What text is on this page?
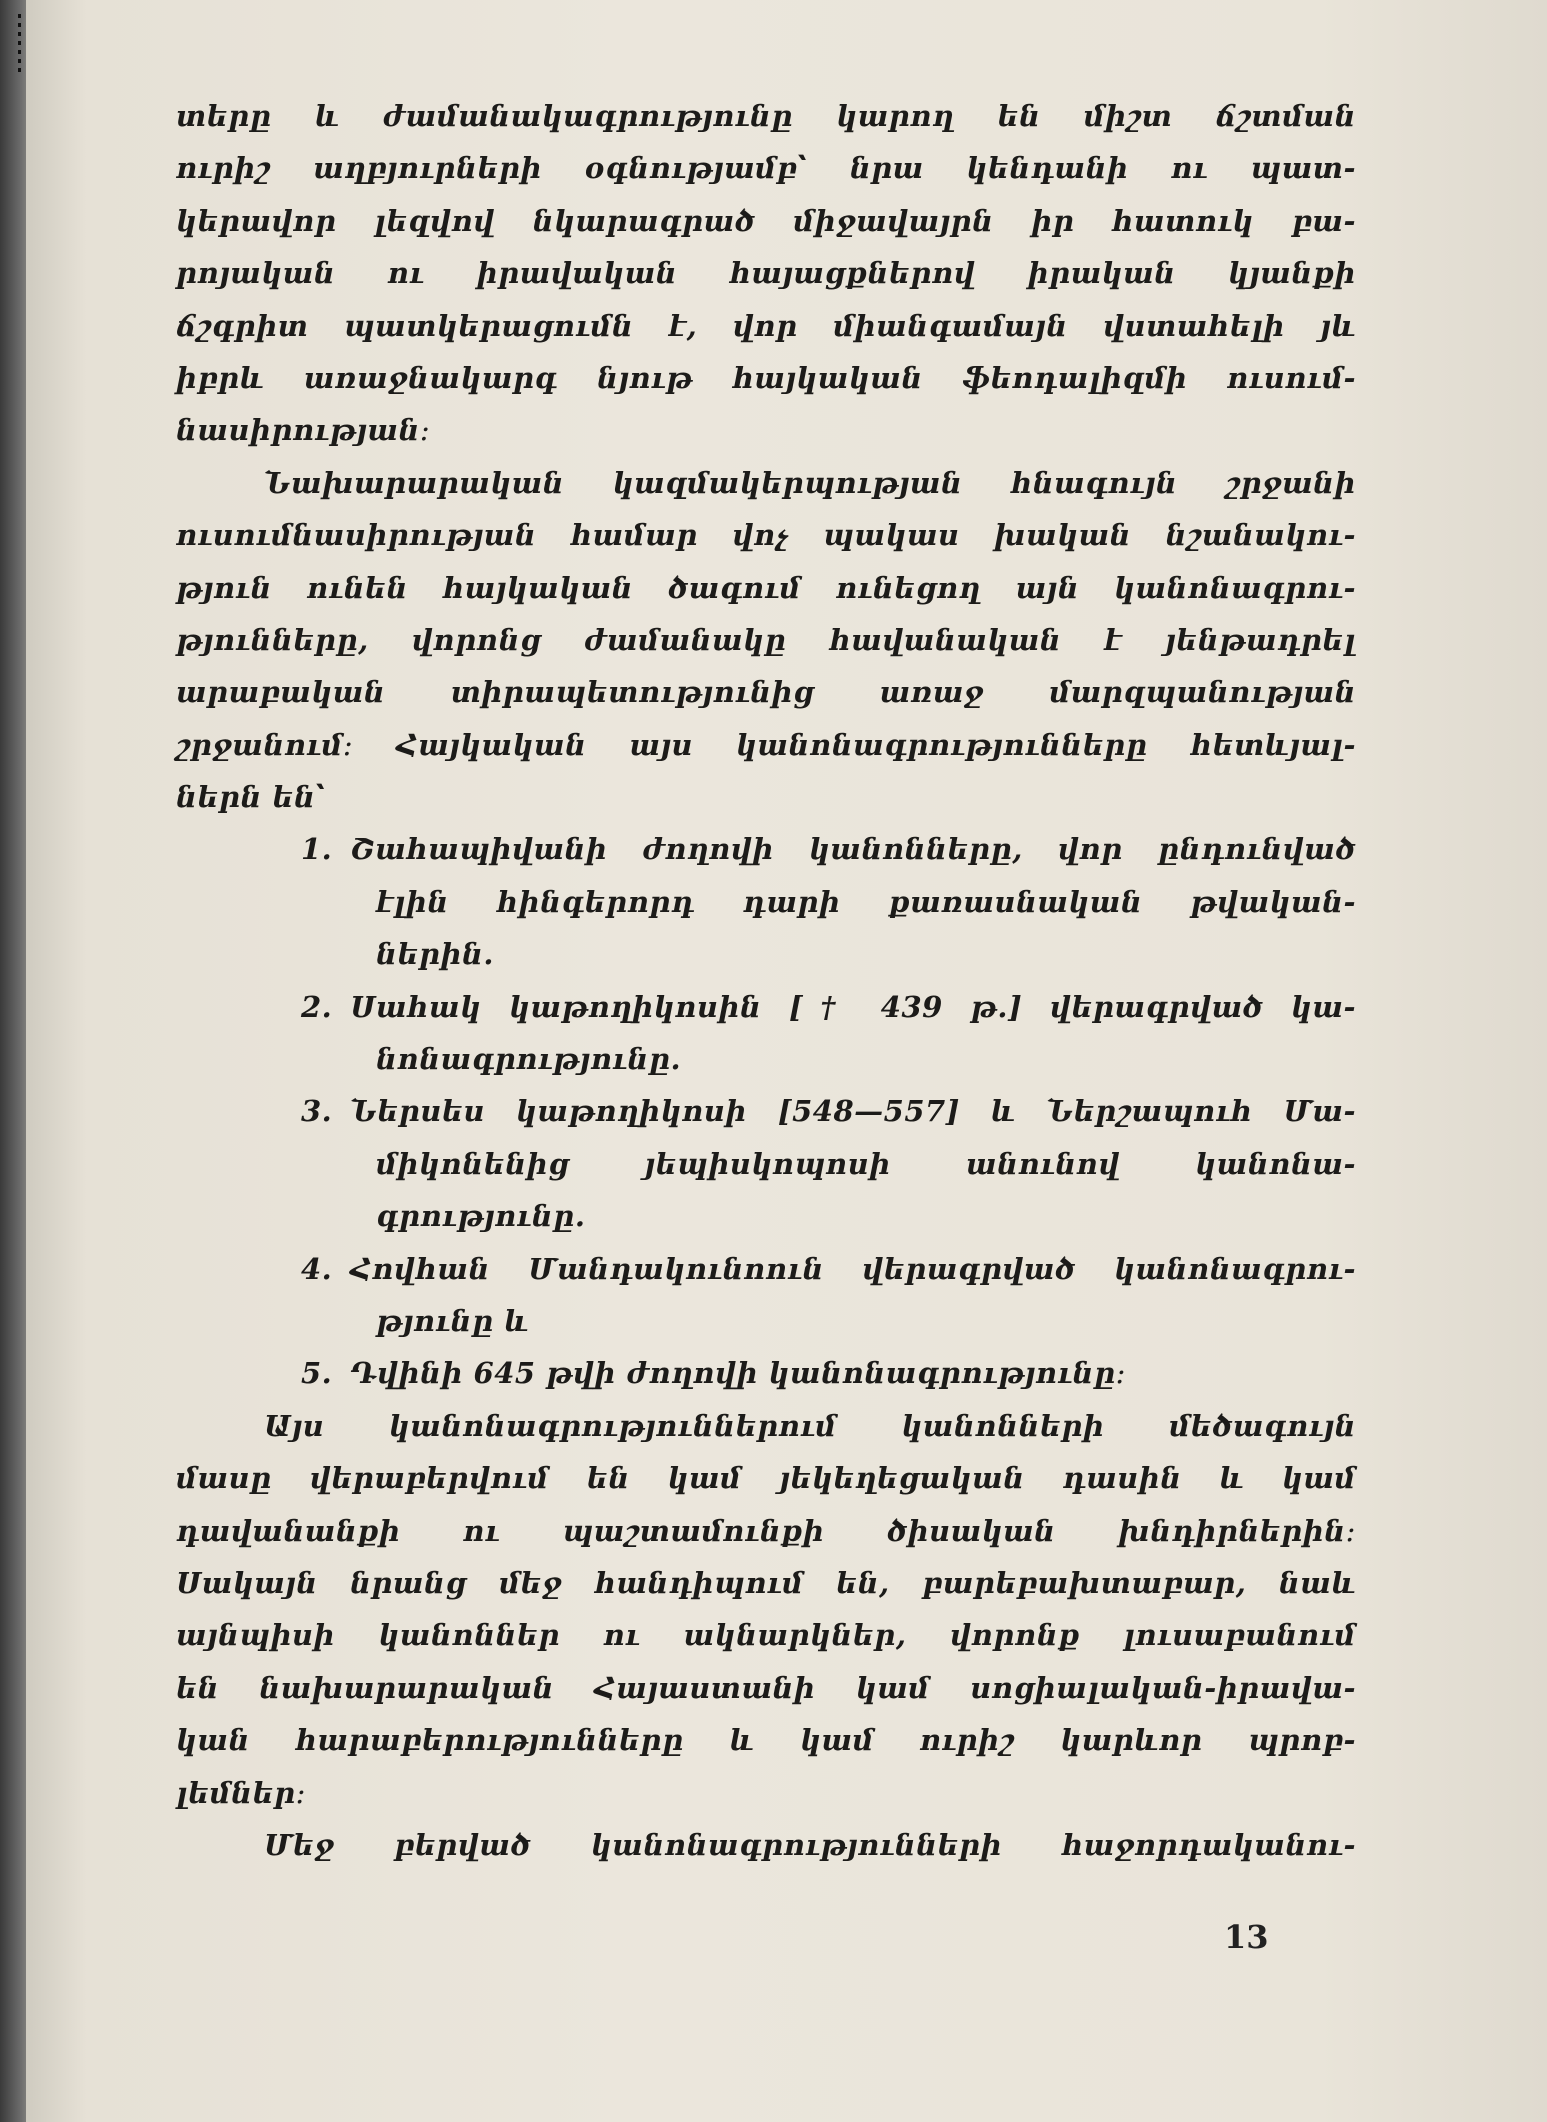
տերը և ժամանակագրությունը կարող են միշտ ճշտման
ուրիշ աղբյուրների օգնությամբ՝ նրա կենդանի ու պատ-
կերավոր լեզվով նկարագրած միջավայրն իր հատուկ բա-
րոյական ու իրավական հայացքներով իրական կյանքի
ճշգրիտ պատկերացումն է, վոր միանգամայն վստահելի յև
իբրև առաջնակարգ նյութ հայկական ֆեոդալիզմի ուսում-
նասիրության։
Նախարարական կազմակերպության հնագույն շրջանի
ուսումնասիրության համար վոչ պակաս խական նշանակու-
թյուն ունեն հայկական ծագում ունեցող այն կանոնագրու-
թյունները, վորոնց ժամանակը հավանական է յենթադրել
արաբական տիրապետությունից առաջ մարզպանության
շրջանում։ Հայկական այս կանոնագրությունները հետևյալ-
ներն են՝
1. Շահապիվանի ժողովի կանոնները, վոր ընդունված
էլին հինգերորդ դարի քառասնական թվական-
ներին․
2. Սահակ կաթողիկոսին [† 439 թ.] վերագրված կա-
նոնագրությունը․
3. Ներսես կաթողիկոսի [548—557] և Ներշապուհ Մա-
միկոնենից յեպիսկոպոսի անունով կանոնա-
գրությունը․
4. Հովհան Մանդակունոուն վերագրված կանոնագրու-
թյունը և
5. Դվինի 645 թվի ժողովի կանոնագրությունը։
Այս կանոնագրություններում կանոնների մեծագույն
մասը վերաբերվում են կամ յեկեղեցական դասին և կամ
դավանանքի ու պաշտամունքի ծիսական խնդիրներին։
Սակայն նրանց մեջ հանդիպում են, բարեբախտաբար, նաև
այնպիսի կանոններ ու ակնարկներ, վորոնք լուսաբանում
են նախարարական Հայաստանի կամ սոցիալական-իրավա-
կան հարաբերությունները և կամ ուրիշ կարևոր պրոբ-
լեմներ։
Մեջ բերված կանոնագրությունների հաջորդականու-
13
